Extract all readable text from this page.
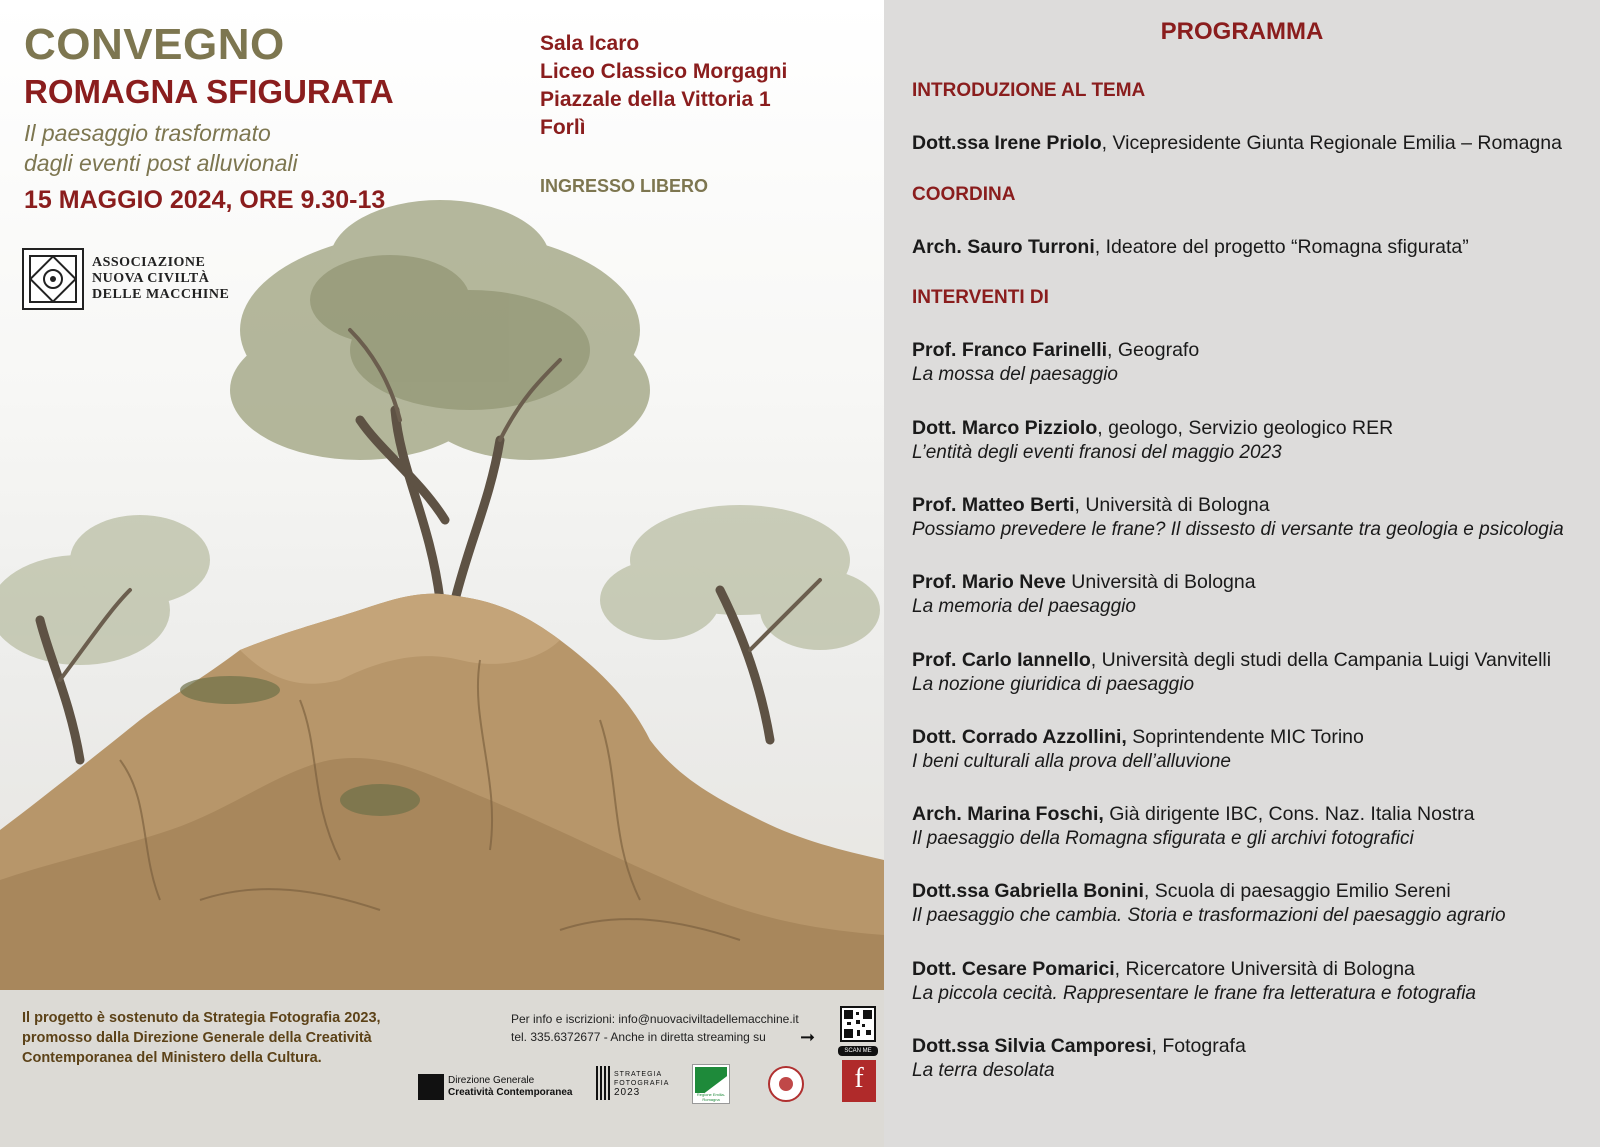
CONVEGNO
ROMAGNA SFIGURATA
Il paesaggio trasformato
dagli eventi post alluvionali
15 MAGGIO 2024, ORE 9.30-13
ASSOCIAZIONE
NUOVA CIVILTÀ
DELLE MACCHINE
Sala Icaro
Liceo Classico Morgagni
Piazzale della Vittoria 1
Forlì
INGRESSO LIBERO
Il progetto è sostenuto da Strategia Fotografia 2023, promosso dalla Direzione Generale della Creatività Contemporanea del Ministero della Cultura.
Per info e iscrizioni: info@nuovaciviltadellemacchine.it
tel. 335.6372677 - Anche in diretta streaming su	➞
SCAN ME
Direzione Generale
Creatività Contemporanea
STRATEGIA
FOTOGRAFIA
2023	Regione Emilia-Romagna
f
PROGRAMMA
INTRODUZIONE AL TEMA
Dott.ssa Irene Priolo, Vicepresidente Giunta Regionale Emilia – Romagna
COORDINA
Arch. Sauro Turroni, Ideatore del progetto “Romagna sfigurata”
INTERVENTI DI
Prof. Franco Farinelli, Geografo
La mossa del paesaggio
Dott. Marco Pizziolo, geologo, Servizio geologico RER
L’entità degli eventi franosi del maggio 2023
Prof. Matteo Berti, Università di Bologna
Possiamo prevedere le frane? Il dissesto di versante tra geologia e psicologia
Prof. Mario Neve Università di Bologna
La memoria del paesaggio
Prof. Carlo Iannello, Università degli studi della Campania Luigi Vanvitelli
La nozione giuridica di paesaggio
Dott. Corrado Azzollini, Soprintendente MIC Torino
I beni culturali alla prova dell’alluvione
Arch. Marina Foschi, Già dirigente IBC, Cons. Naz. Italia Nostra
Il paesaggio della Romagna sfigurata e gli archivi fotografici
Dott.ssa Gabriella Bonini, Scuola di paesaggio Emilio Sereni
Il paesaggio che cambia. Storia e trasformazioni del paesaggio agrario
Dott. Cesare Pomarici, Ricercatore Università di Bologna
La piccola cecità. Rappresentare le frane fra letteratura e fotografia
Dott.ssa Silvia Camporesi, Fotografa
La terra desolata
